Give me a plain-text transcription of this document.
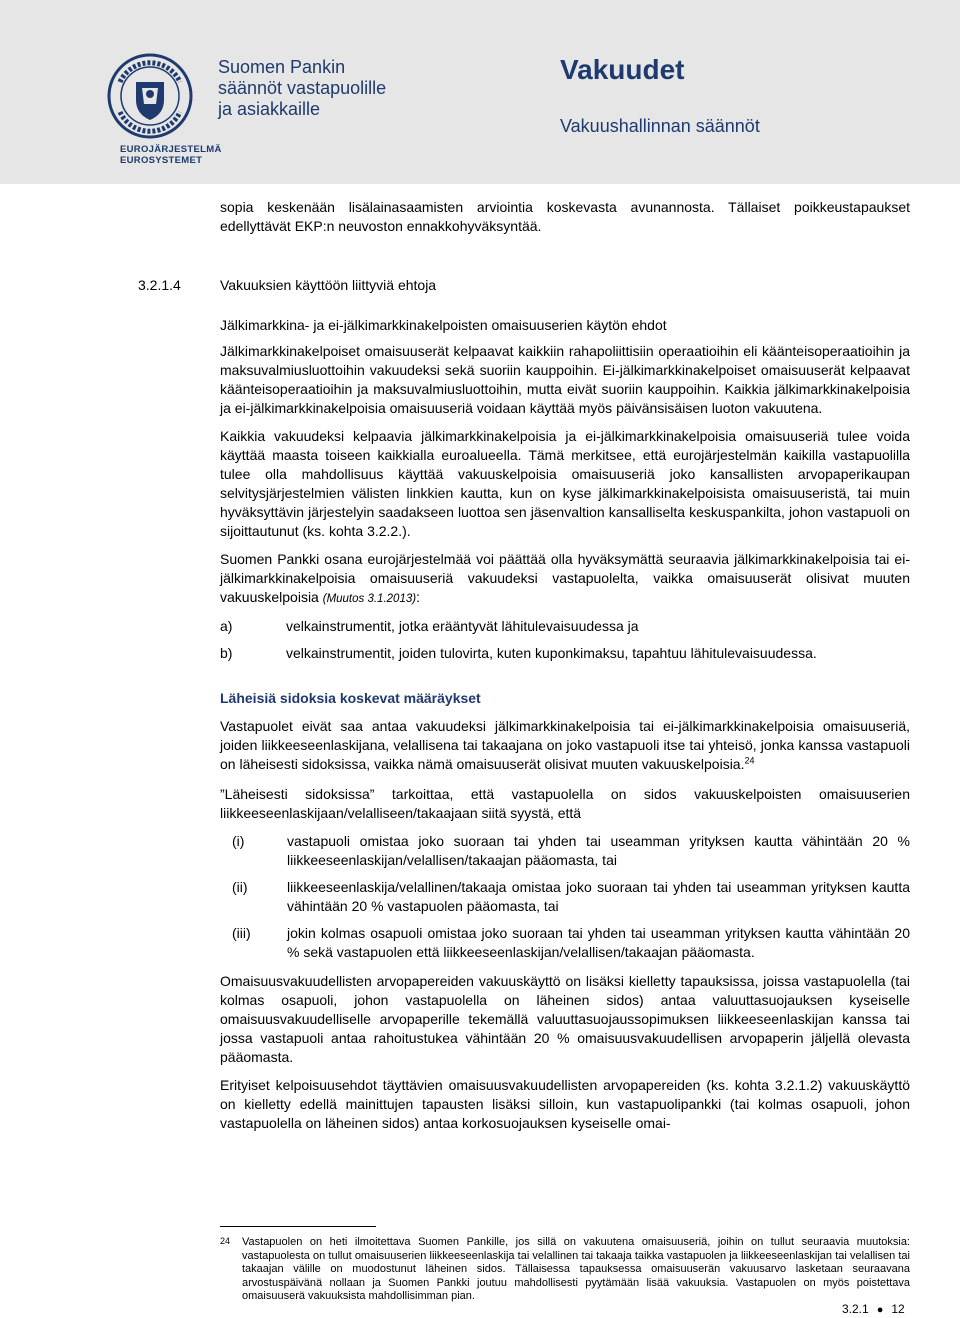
EUROJÄRJESTELMÄ
EUROSYSTEMET
Suomen Pankin
säännöt vastapuolille
ja asiakkaille
Vakuudet
Vakuushallinnan säännöt
3.2.1.4	Vakuuksien käyttöön liittyviä ehtoja

sopia keskenään lisälainasaamisten arviointia koskevasta avunannosta. Tällaiset poikkeustapaukset edellyttävät EKP:n neuvoston ennakkohyväksyntää.

Jälkimarkkina- ja ei-jälkimarkkinakelpoisten omaisuuserien käytön ehdot

Jälkimarkkinakelpoiset omaisuuserät kelpaavat kaikkiin rahapoliittisiin operaatioihin eli käänteisoperaatioihin ja maksuvalmiusluottoihin vakuudeksi sekä suoriin kauppoihin. Ei-jälkimarkkinakelpoiset omaisuuserät kelpaavat käänteisoperaatioihin ja maksuvalmiusluottoihin, mutta eivät suoriin kauppoihin. Kaikkia jälkimarkkinakelpoisia ja ei-jälkimarkkinakelpoisia omaisuuseriä voidaan käyttää myös päivänsisäisen luoton vakuutena.

Kaikkia vakuudeksi kelpaavia jälkimarkkinakelpoisia ja ei-jälkimarkkinakelpoisia omaisuuseriä tulee voida käyttää maasta toiseen kaikkialla euroalueella. Tämä merkitsee, että eurojärjestelmän kaikilla vastapuolilla tulee olla mahdollisuus käyttää vakuuskelpoisia omaisuuseriä joko kansallisten arvopaperikaupan selvitysjärjestelmien välisten linkkien kautta, kun on kyse jälkimarkkinakelpoisista omaisuuseristä, tai muin hyväksyttävin järjestelyin saadakseen luottoa sen jäsenvaltion kansalliselta keskuspankilta, johon vastapuoli on sijoittautunut (ks. kohta 3.2.2.).

Suomen Pankki osana eurojärjestelmää voi päättää olla hyväksymättä seuraavia jälkimarkkinakelpoisia tai ei-jälkimarkkinakelpoisia omaisuuseriä vakuudeksi vastapuolelta, vaikka omaisuuserät olisivat muuten vakuuskelpoisia (Muutos 3.1.2013):

a)	velkainstrumentit, jotka erääntyvät lähitulevaisuudessa ja
b)	velkainstrumentit, joiden tulovirta, kuten kuponkimaksu, tapahtuu lähitulevaisuudessa.

Läheisiä sidoksia koskevat määräykset

Vastapuolet eivät saa antaa vakuudeksi jälkimarkkinakelpoisia tai ei-jälkimarkkinakelpoisia omaisuuseriä, joiden liikkeeseenlaskijana, velallisena tai takaajana on joko vastapuoli itse tai yhteisö, jonka kanssa vastapuoli on läheisesti sidoksissa, vaikka nämä omaisuuserät olisivat muuten vakuuskelpoisia.$^{24}$

”Läheisesti sidoksissa” tarkoittaa, että vastapuolella on sidos vakuuskelpoisten omaisuuserien liikkeeseenlaskijaan/velalliseen/takaajaan siitä syystä, että

(i)	vastapuoli omistaa joko suoraan tai yhden tai useamman yrityksen kautta vähintään 20 % liikkeeseenlaskijan/velallisen/takaajan pääomasta, tai
(ii)	liikkeeseenlaskija/velallinen/takaaja omistaa joko suoraan tai yhden tai useamman yrityksen kautta vähintään 20 % vastapuolen pääomasta, tai
(iii)	jokin kolmas osapuoli omistaa joko suoraan tai yhden tai useamman yrityksen kautta vähintään 20 % sekä vastapuolen että liikkeeseenlaskijan/velallisen/takaajan pääomasta.

Omaisuusvakuudellisten arvopapereiden vakuuskäyttö on lisäksi kielletty tapauksissa, joissa vastapuolella (tai kolmas osapuoli, johon vastapuolella on läheinen sidos) antaa valuuttasuojauksen kyseiselle omaisuusvakuudelliselle arvopaperille tekemällä valuuttasuojaussopimuksen liikkeeseenlaskijan kanssa tai jossa vastapuoli antaa rahoitustukea vähintään 20 % omaisuusvakuudellisen arvopaperin jäljellä olevasta pääomasta.

Erityiset kelpoisuusehdot täyttävien omaisuusvakuudellisten arvopapereiden (ks. kohta 3.2.1.2) vakuuskäyttö on kielletty edellä mainittujen tapausten lisäksi silloin, kun vastapuolipankki (tai kolmas osapuoli, johon vastapuolella on läheinen sidos) antaa korkosuojauksen kyseiselle omai-

24	Vastapuolen on heti ilmoitettava Suomen Pankille, jos sillä on vakuutena omaisuuseriä, joihin on tullut seuraavia muutoksia: vastapuolesta on tullut omaisuuserien liikkeeseenlaskija tai velallinen tai takaaja taikka vastapuolen ja liikkeeseenlaskijan tai velallisen tai takaajan välille on muodostunut läheinen sidos. Tällaisessa tapauksessa omaisuuserän vakuusarvo lasketaan seuraavana arvostuspäivänä nollaan ja Suomen Pankki joutuu mahdollisesti pyytämään lisää vakuuksia. Vastapuolen on myös poistettava omaisuuserä vakuuksista mahdollisimman pian.
3.2.1 ● 12
